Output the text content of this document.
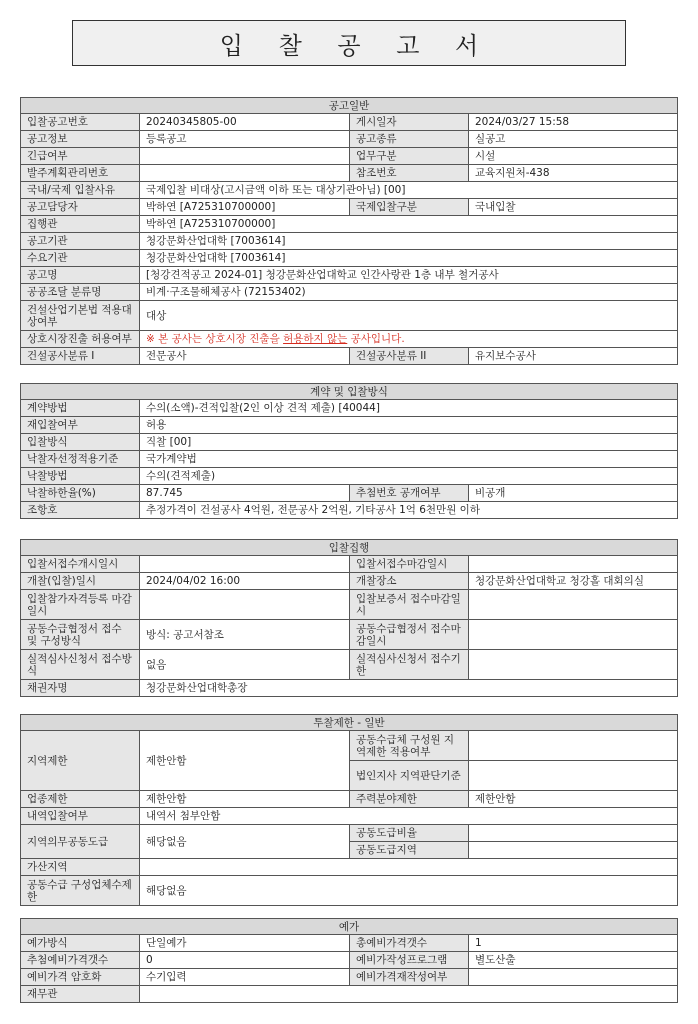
입 찰 공 고 서
공고일반			
입찰공고번호	20240345805-00	게시일자	2024/03/27 15:58
공고정보	등록공고	공고종류	실공고
긴급여부		업무구분	시설
발주계획관리번호		참조번호	교육지원처-438
국내/국제 입찰사유	국제입찰 비대상(고시금액 이하 또는 대상기관아님) [00]		
공고담당자	박하연 [A725310700000]	국제입찰구분	국내입찰
집행관	박하연 [A725310700000]		
공고기관	청강문화산업대학 [7003614]		
수요기관	청강문화산업대학 [7003614]		
공고명	[청강견적공고 2024-01] 청강문화산업대학교 인간사랑관 1층 내부 철거공사		
공공조달 분류명	비계·구조물해체공사 (72153402)		
건설산업기본법 적용대상여부	대상		
상호시장진출 허용여부	※ 본 공사는 상호시장 진출을 허용하지 않는 공사입니다.		
건설공사분류 I	전문공사	건설공사분류 II	유지보수공사
계약 및 입찰방식			
계약방법	수의(소액)-견적입찰(2인 이상 견적 제출) [40044]		
재입찰여부	허용		
입찰방식	직찰 [00]		
낙찰자선정적용기준	국가계약법		
낙찰방법	수의(견적제출)		
낙찰하한율(%)	87.745	추첨번호 공개여부	비공개
조항호	추정가격이 건설공사 4억원, 전문공사 2억원, 기타공사 1억 6천만원 이하		
입찰집행			
입찰서접수개시일시		입찰서접수마감일시	
개찰(입찰)일시	2024/04/02 16:00	개찰장소	청강문화산업대학교 청강홀 대회의실
입찰참가자격등록 마감일시		입찰보증서 접수마감일시	
공동수급협정서 접수 및 구성방식	방식: 공고서참조	공동수급협정서 접수마감일시	
실적심사신청서 접수방식	없음	실적심사신청서 접수기한	
채권자명	청강문화산업대학총장		
투찰제한 - 일반			
지역제한	제한안함	공동수급체 구성원 지역제한 적용여부	
		법인지사 지역판단기준	
업종제한	제한안함	주력분야제한	제한안함
내역입찰여부	내역서 첨부안함		
지역의무공동도급	해당없음	공동도급비율	
		공동도급지역	
가산지역			
공동수급 구성업체수제한	해당없음		
예가			
예가방식	단일예가	총예비가격갯수	1
추첨예비가격갯수	0	예비가작성프로그램	별도산출
예비가격 암호화	수기입력	예비가격재작성여부	
재무관			
